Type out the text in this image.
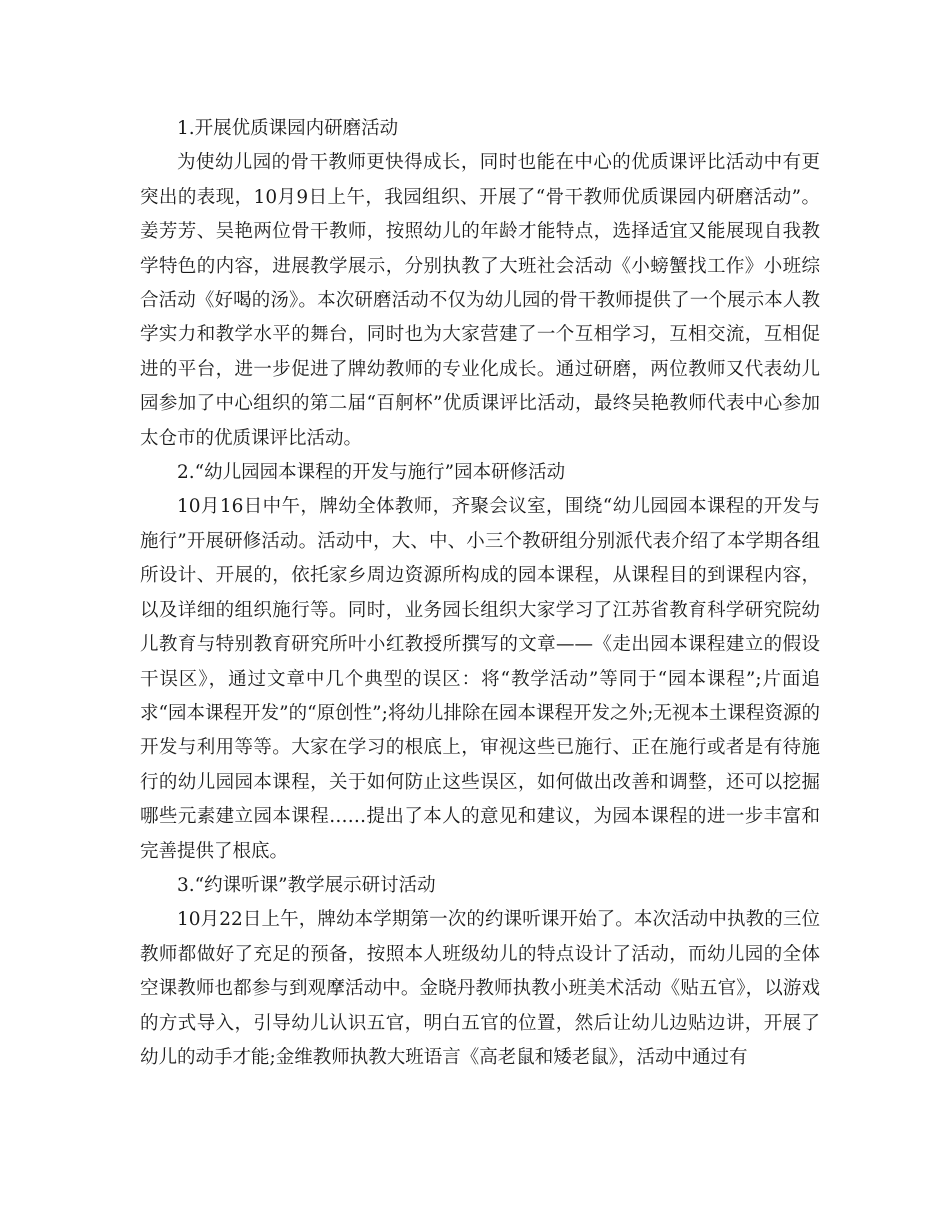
1.开展优质课园内研磨活动

为使幼儿园的骨干教师更快得成长，同时也能在中心的优质课评比活动中有更突出的表现，10月9日上午，我园组织、开展了“骨干教师优质课园内研磨活动”。姜芳芳、吴艳两位骨干教师，按照幼儿的年龄才能特点，选择适宜又能展现自我教学特色的内容，进展教学展示，分别执教了大班社会活动《小螃蟹找工作》小班综合活动《好喝的汤》。本次研磨活动不仅为幼儿园的骨干教师提供了一个展示本人教学实力和教学水平的舞台，同时也为大家营建了一个互相学习，互相交流，互相促进的平台，进一步促进了牌幼教师的专业化成长。通过研磨，两位教师又代表幼儿园参加了中心组织的第二届“百舸杯”优质课评比活动，最终吴艳教师代表中心参加太仓市的优质课评比活动。

2.“幼儿园园本课程的开发与施行”园本研修活动

10月16日中午，牌幼全体教师，齐聚会议室，围绕“幼儿园园本课程的开发与施行”开展研修活动。活动中，大、中、小三个教研组分别派代表介绍了本学期各组所设计、开展的，依托家乡周边资源所构成的园本课程，从课程目的到课程内容，以及详细的组织施行等。同时，业务园长组织大家学习了江苏省教育科学研究院幼儿教育与特别教育研究所叶小红教授所撰写的文章——《走出园本课程建立的假设干误区》，通过文章中几个典型的误区：将“教学活动”等同于“园本课程”;片面追求“园本课程开发”的“原创性”;将幼儿排除在园本课程开发之外;无视本土课程资源的开发与利用等等。大家在学习的根底上，审视这些已施行、正在施行或者是有待施行的幼儿园园本课程，关于如何防止这些误区，如何做出改善和调整，还可以挖掘哪些元素建立园本课程……提出了本人的意见和建议，为园本课程的进一步丰富和完善提供了根底。

3.“约课听课”教学展示研讨活动

10月22日上午，牌幼本学期第一次的约课听课开始了。本次活动中执教的三位教师都做好了充足的预备，按照本人班级幼儿的特点设计了活动，而幼儿园的全体空课教师也都参与到观摩活动中。金晓丹教师执教小班美术活动《贴五官》，以游戏的方式导入，引导幼儿认识五官，明白五官的位置，然后让幼儿边贴边讲，开展了幼儿的动手才能;金维教师执教大班语言《高老鼠和矮老鼠》，活动中通过有
